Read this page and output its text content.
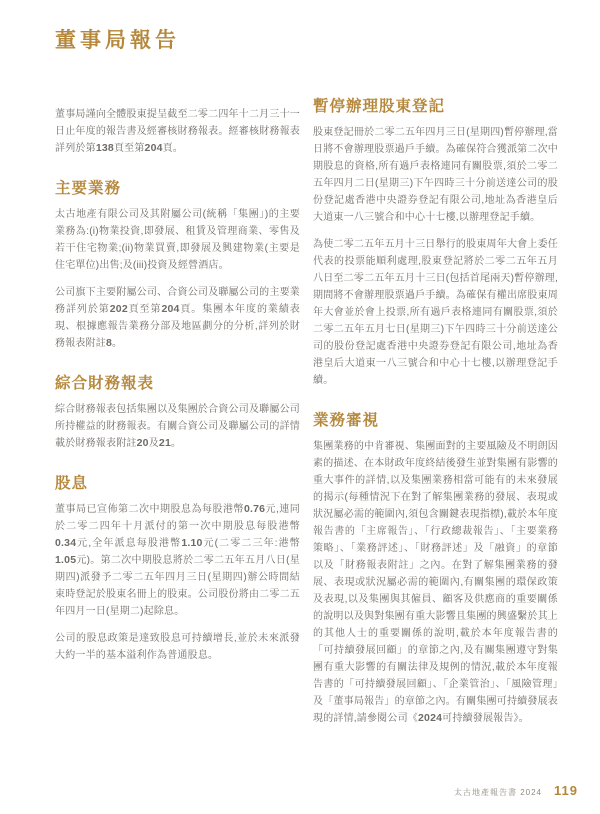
董事局報告

董事局謹向全體股東提呈截至二零二四年十二月三十一日止年度的報告書及經審核財務報表。經審核財務報表詳列於第138頁至第204頁。

主要業務

太古地產有限公司及其附屬公司(統稱「集團」)的主要業務為:(i)物業投資,即發展、租賃及管理商業、零售及若干住宅物業;(ii)物業買賣,即發展及興建物業(主要是住宅單位)出售;及(iii)投資及經營酒店。

公司旗下主要附屬公司、合資公司及聯屬公司的主要業務詳列於第202頁至第204頁。集團本年度的業績表現、根據應報告業務分部及地區劃分的分析,詳列於財務報表附註8。

綜合財務報表

綜合財務報表包括集團以及集團於合資公司及聯屬公司所持權益的財務報表。有關合資公司及聯屬公司的詳情載於財務報表附註20及21。

股息

董事局已宣佈第二次中期股息為每股港幣0.76元,連同於二零二四年十月派付的第一次中期股息每股港幣0.34元,全年派息每股港幣1.10元(二零二三年:港幣1.05元)。第二次中期股息將於二零二五年五月八日(星期四)派發予二零二五年四月三日(星期四)辦公時間結束時登記於股東名冊上的股東。公司股份將由二零二五年四月一日(星期二)起除息。

公司的股息政策是達致股息可持續增長,並於未來派發大約一半的基本溢利作為普通股息。

暫停辦理股東登記

股東登記冊於二零二五年四月三日(星期四)暫停辦理,當日將不會辦理股票過戶手續。為確保符合獲派第二次中期股息的資格,所有過戶表格連同有關股票,須於二零二五年四月二日(星期三)下午四時三十分前送達公司的股份登記處香港中央證券登記有限公司,地址為香港皇后大道東一八三號合和中心十七樓,以辦理登記手續。

為使二零二五年五月十三日舉行的股東周年大會上委任代表的投票能順利處理,股東登記將於二零二五年五月八日至二零二五年五月十三日(包括首尾兩天)暫停辦理,期間將不會辦理股票過戶手續。為確保有權出席股東周年大會並於會上投票,所有過戶表格連同有關股票,須於二零二五年五月七日(星期三)下午四時三十分前送達公司的股份登記處香港中央證券登記有限公司,地址為香港皇后大道東一八三號合和中心十七樓,以辦理登記手續。

業務審視

集團業務的中肯審視、集團面對的主要風險及不明朗因素的描述、在本財政年度終結後發生並對集團有影響的重大事件的詳情,以及集團業務相當可能有的未來發展的揭示(每種情況下在對了解集團業務的發展、表現或狀況屬必需的範圍內,須包含關鍵表現指標),載於本年度報告書的「主席報告」、「行政總裁報告」、「主要業務策略」、「業務評述」、「財務評述」及「融資」的章節以及「財務報表附註」之內。在對了解集團業務的發展、表現或狀況屬必需的範圍內,有關集團的環保政策及表現,以及集團與其僱員、顧客及供應商的重要關係的說明以及與對集團有重大影響且集團的興盛繫於其上的其他人士的重要關係的說明,載於本年度報告書的「可持續發展回顧」的章節之內,及有關集團遵守對集團有重大影響的有關法律及規例的情況,載於本年度報告書的「可持續發展回顧」、「企業管治」、「風險管理」及「董事局報告」的章節之內。有關集團可持續發展表現的詳情,請參閱公司《2024可持續發展報告》。

太古地產報告書 2024 119
